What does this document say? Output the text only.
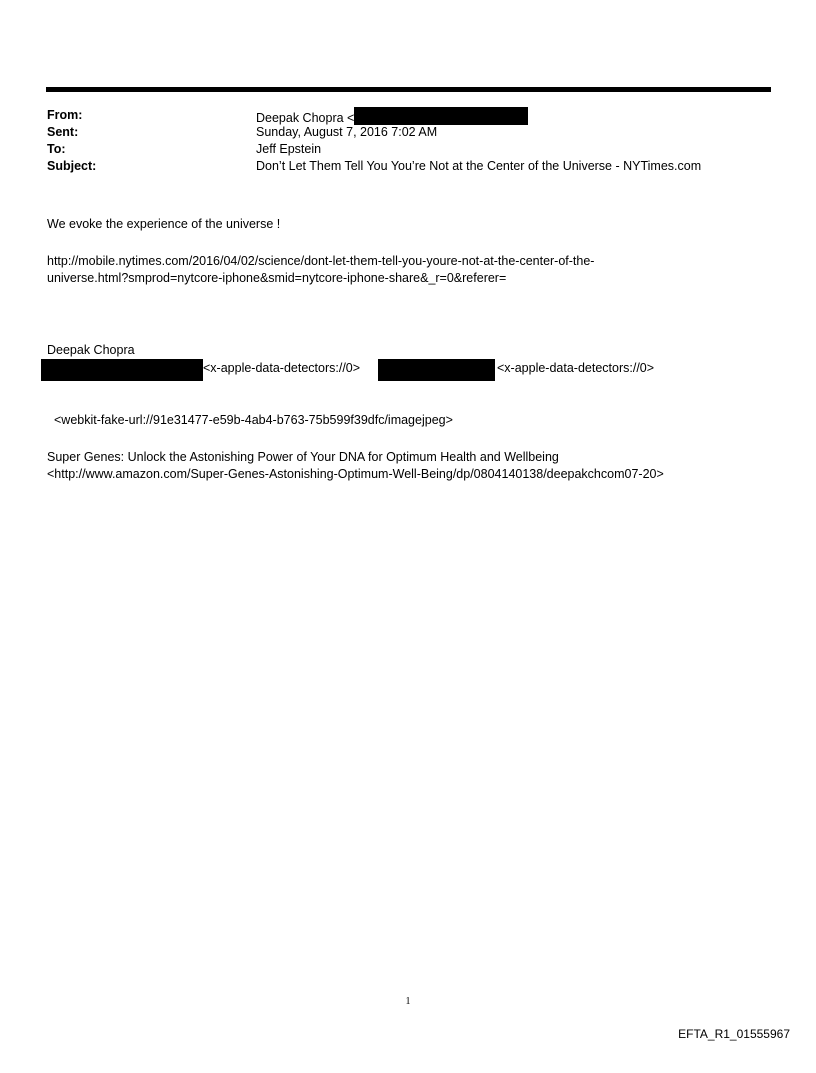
From:	Deepak Chopra <
Sent:	Sunday, August 7, 2016 7:02 AM
To:	Jeff Epstein
Subject:	Don’t Let Them Tell You You’re Not at the Center of the Universe - NYTimes.com
We evoke the experience of the universe !
http://mobile.nytimes.com/2016/04/02/science/dont-let-them-tell-you-youre-not-at-the-center-of-the-
universe.html?smprod=nytcore-iphone&smid=nytcore-iphone-share&_r=0&referer=
Deepak Chopra
<x-apple-data-detectors://0>	<x-apple-data-detectors://0>
<webkit-fake-url://91e31477-e59b-4ab4-b763-75b599f39dfc/imagejpeg>
Super Genes: Unlock the Astonishing Power of Your DNA for Optimum Health and Wellbeing
<http://www.amazon.com/Super-Genes-Astonishing-Optimum-Well-Being/dp/0804140138/deepakchcom07-20>
1
EFTA_R1_01555967
